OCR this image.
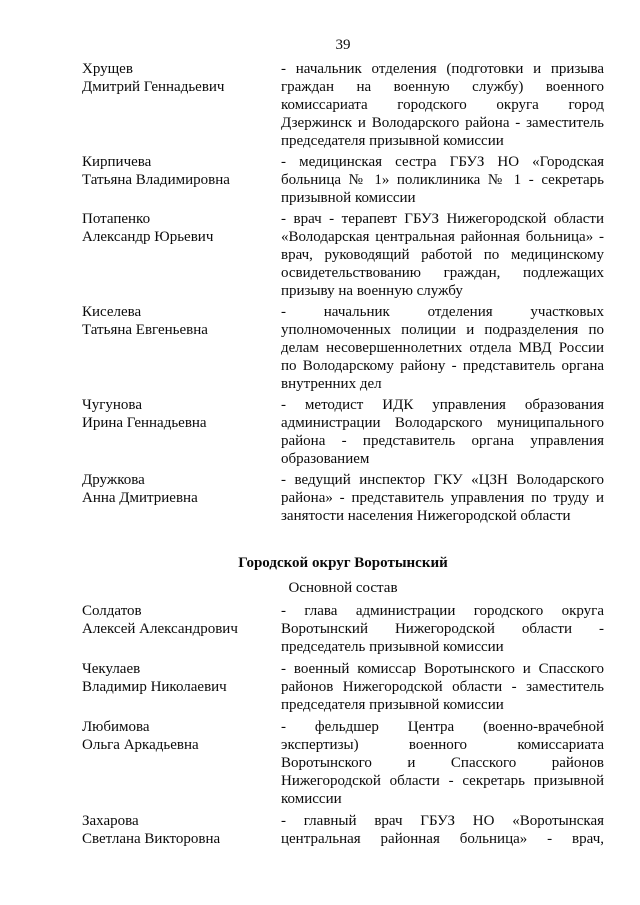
39
Хрущев
Дмитрий Геннадьевич
- начальник отделения (подготовки и призыва
граждан на военную службу) военного
комиссариата городского округа город
Дзержинск и Володарского района - заместитель
председателя призывной комиссии
Кирпичева
Татьяна Владимировна
- медицинская сестра ГБУЗ НО «Городская
больница № 1» поликлиника № 1 - секретарь
призывной комиссии
Потапенко
Александр Юрьевич
- врач - терапевт ГБУЗ Нижегородской области
«Володарская центральная районная больница» -
врач, руководящий работой по медицинскому
освидетельствованию граждан, подлежащих
призыву на военную службу
Киселева
Татьяна Евгеньевна
- начальник отделения участковых
уполномоченных полиции и подразделения по
делам несовершеннолетних отдела МВД России
по Володарскому району - представитель органа
внутренних дел
Чугунова
Ирина Геннадьевна
- методист ИДК управления образования
администрации Володарского муниципального
района - представитель органа управления
образованием
Дружкова
Анна Дмитриевна
- ведущий инспектор ГКУ «ЦЗН Володарского
района» - представитель управления по труду и
занятости населения Нижегородской области
Городской округ Воротынский
Основной состав
Солдатов
Алексей Александрович
- глава администрации городского округа
Воротынский Нижегородской области -
председатель призывной комиссии
Чекулаев
Владимир Николаевич
- военный комиссар Воротынского и Спасского
районов Нижегородской области - заместитель
председателя призывной комиссии
Любимова
Ольга Аркадьевна
- фельдшер Центра (военно-врачебной
экспертизы) военного комиссариата
Воротынского и Спасского районов
Нижегородской области - секретарь призывной
комиссии
Захарова
Светлана Викторовна
- главный врач ГБУЗ НО «Воротынская
центральная районная больница» - врач,
